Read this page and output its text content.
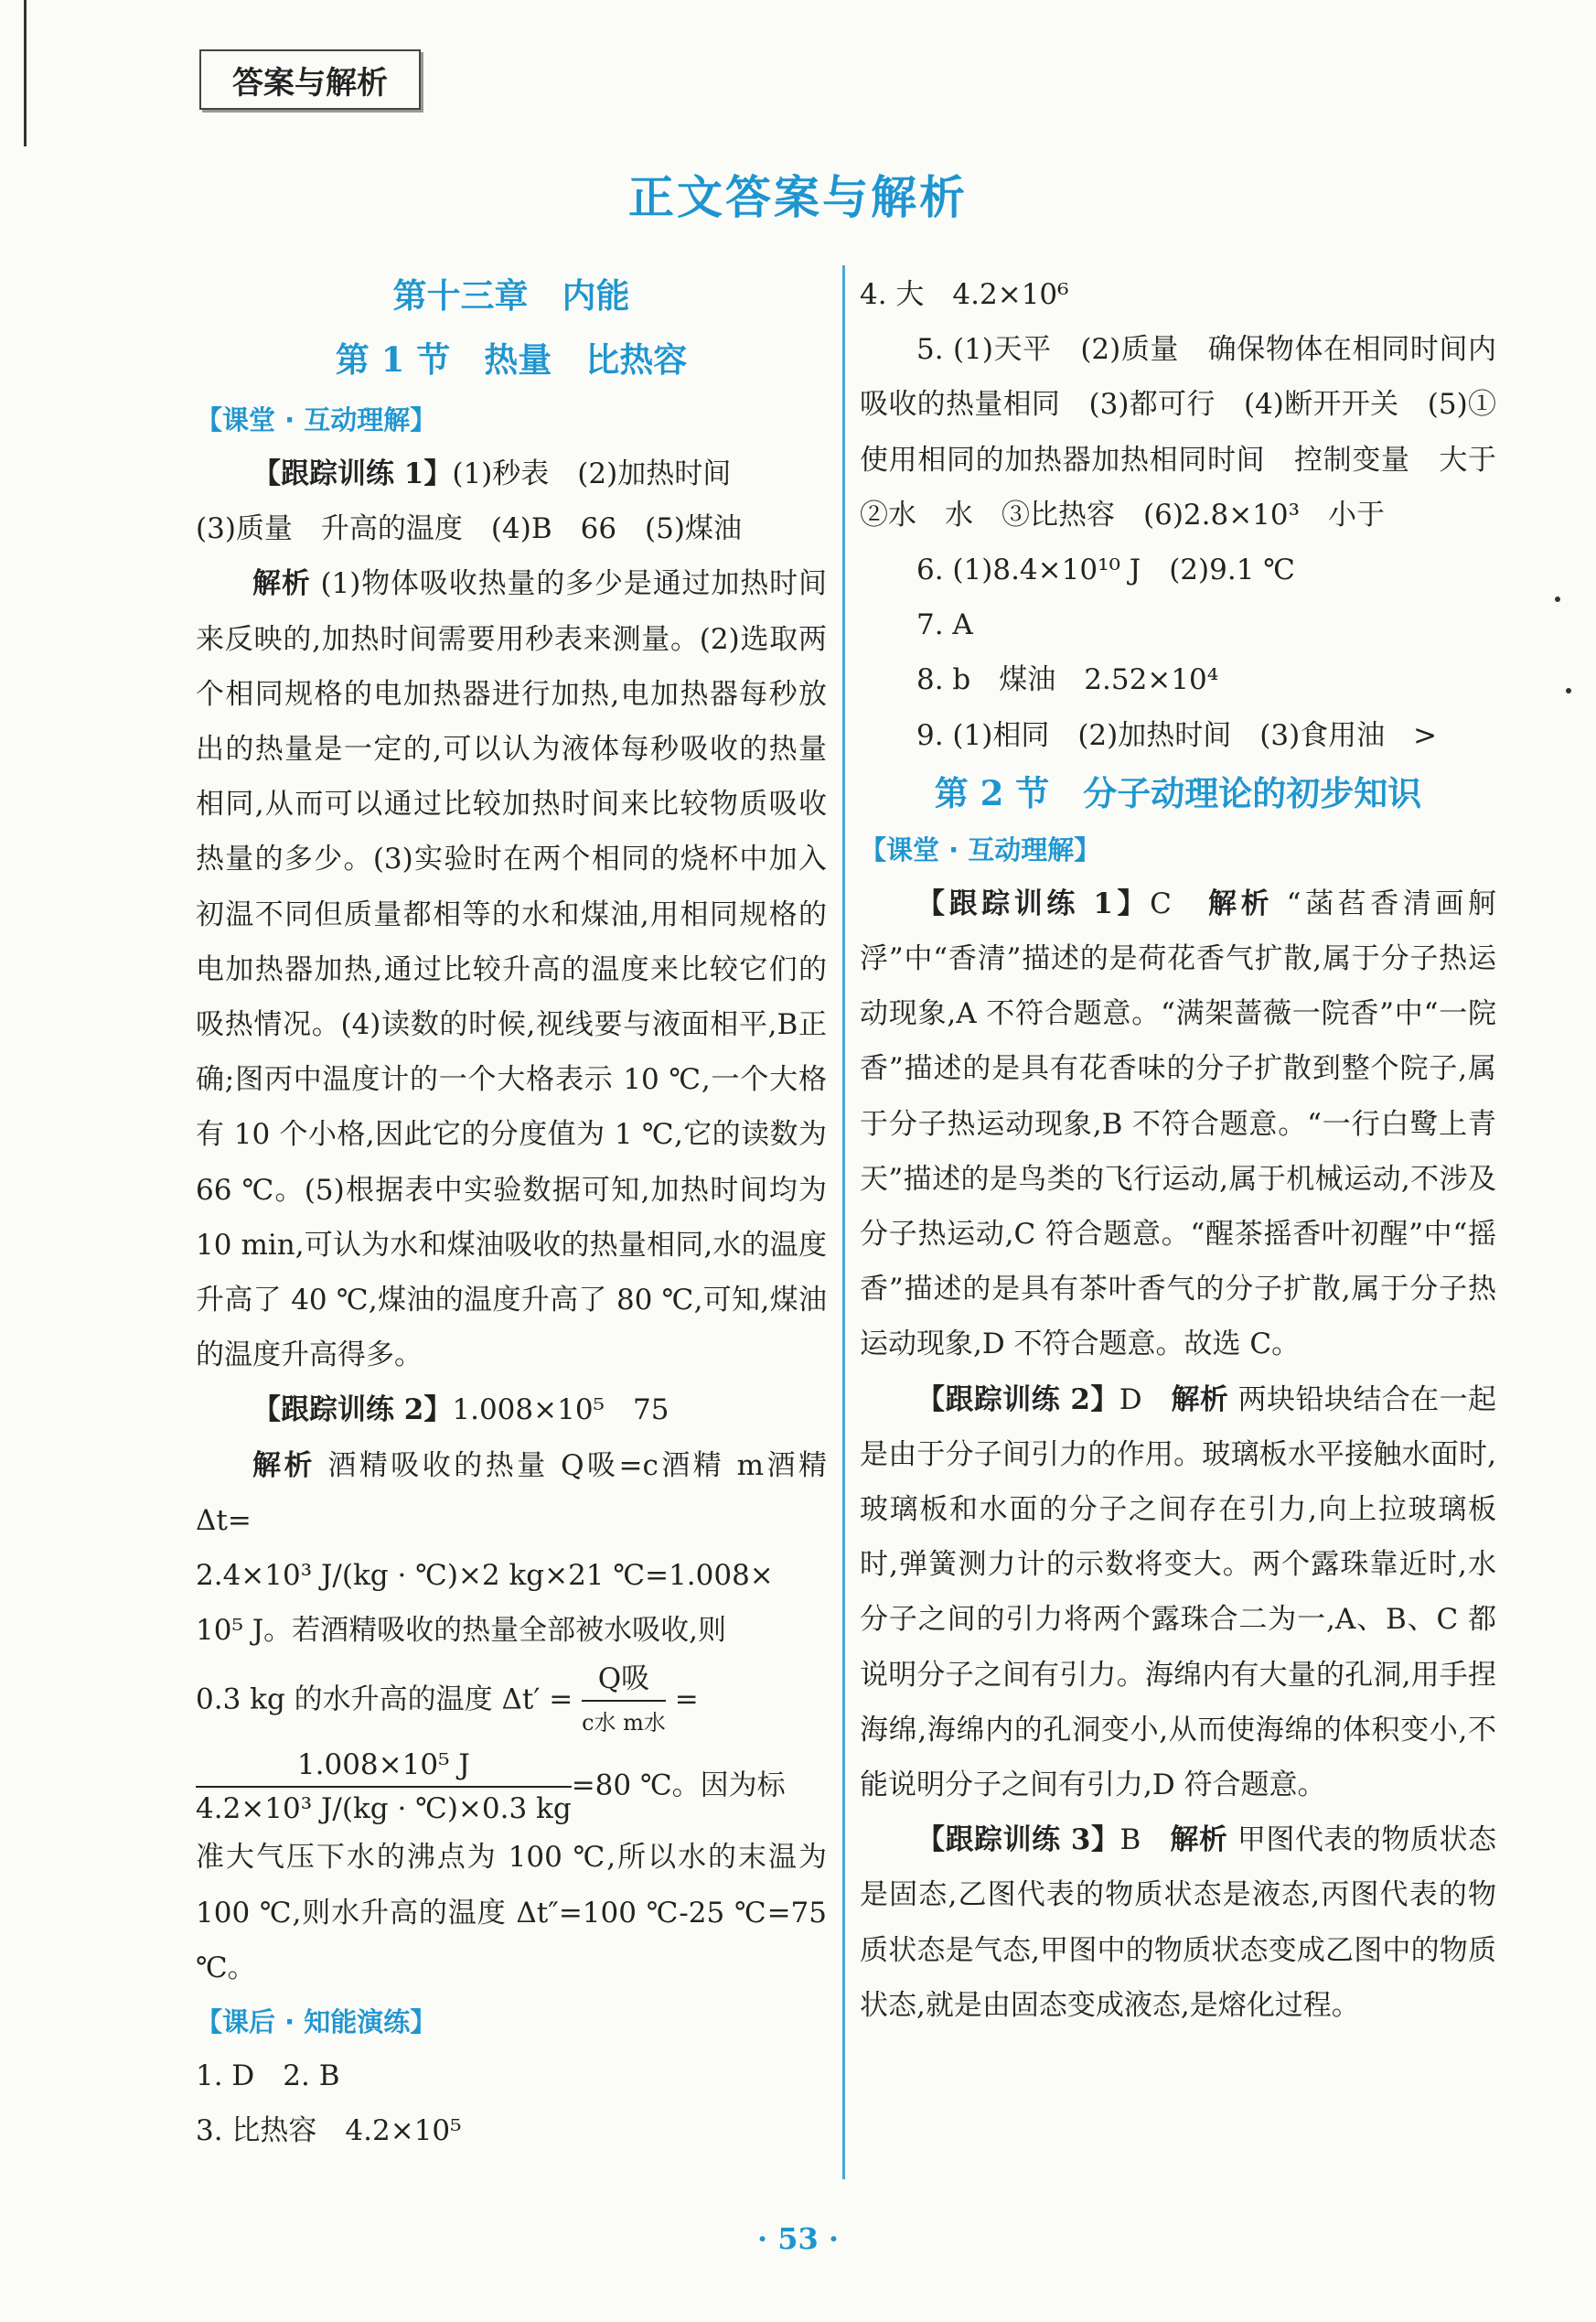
答案与解析
正文答案与解析
第十三章　内能
第 1 节　热量　比热容
【课堂 · 互动理解】

【跟踪训练 1】(1)秒表　(2)加热时间

(3)质量　升高的温度　(4)B　66　(5)煤油

解析 (1)物体吸收热量的多少是通过加热时间来反映的,加热时间需要用秒表来测量。(2)选取两个相同规格的电加热器进行加热,电加热器每秒放出的热量是一定的,可以认为液体每秒吸收的热量相同,从而可以通过比较加热时间来比较物质吸收热量的多少。(3)实验时在两个相同的烧杯中加入初温不同但质量都相等的水和煤油,用相同规格的电加热器加热,通过比较升高的温度来比较它们的吸热情况。(4)读数的时候,视线要与液面相平,B正确;图丙中温度计的一个大格表示 10 ℃,一个大格有 10 个小格,因此它的分度值为 1 ℃,它的读数为 66 ℃。(5)根据表中实验数据可知,加热时间均为 10 min,可认为水和煤油吸收的热量相同,水的温度升高了 40 ℃,煤油的温度升高了 80 ℃,可知,煤油的温度升高得多。

【跟踪训练 2】1.008×10⁵　75

解析 酒精吸收的热量 Q吸=c酒精 m酒精 Δt=

2.4×10³ J/(kg · ℃)×2 kg×21 ℃=1.008×

10⁵ J。若酒精吸收的热量全部被水吸收,则

0.3 kg 的水升高的温度 $\Delta t' = \frac{\text{Q吸}}{\text{c水 m水}}$ =

$\frac{\text{1.008×10⁵ J}}{\text{4.2×10³ J/(kg · ℃)×0.3 kg}} =80$ ℃。因为标

准大气压下水的沸点为 100 ℃,所以水的末温为 100 ℃,则水升高的温度 Δt″=100 ℃-25 ℃=75 ℃。

【课后 · 知能演练】

1. D　2. B

3. 比热容　4.2×10⁵

4. 大　4.2×10⁶

5. (1)天平　(2)质量　确保物体在相同时间内吸收的热量相同　(3)都可行　(4)断开开关　(5)①使用相同的加热器加热相同时间　控制变量　大于　②水　水　③比热容　(6)2.8×10³　小于

6. (1)8.4×10¹⁰ J　(2)9.1 ℃

7. A

8. b　煤油　2.52×10⁴

9. (1)相同　(2)加热时间　(3)食用油　>

第 2 节　分子动理论的初步知识
【课堂 · 互动理解】

【跟踪训练 1】C　 解析 “菡萏香清画舸浮”中“香清”描述的是荷花香气扩散,属于分子热运动现象,A 不符合题意。“满架蔷薇一院香”中“一院香”描述的是具有花香味的分子扩散到整个院子,属于分子热运动现象,B 不符合题意。“一行白鹭上青天”描述的是鸟类的飞行运动,属于机械运动,不涉及分子热运动,C 符合题意。“醒茶摇香叶初醒”中“摇香”描述的是具有茶叶香气的分子扩散,属于分子热运动现象,D 不符合题意。故选 C。

【跟踪训练 2】D　 解析 两块铅块结合在一起是由于分子间引力的作用。玻璃板水平接触水面时,玻璃板和水面的分子之间存在引力,向上拉玻璃板时,弹簧测力计的示数将变大。两个露珠靠近时,水分子之间的引力将两个露珠合二为一,A、B、C 都说明分子之间有引力。海绵内有大量的孔洞,用手捏海绵,海绵内的孔洞变小,从而使海绵的体积变小,不能说明分子之间有引力,D 符合题意。

【跟踪训练 3】B　 解析 甲图代表的物质状态是固态,乙图代表的物质状态是液态,丙图代表的物质状态是气态,甲图中的物质状态变成乙图中的物质状态,就是由固态变成液态,是熔化过程。

· 53 ·
